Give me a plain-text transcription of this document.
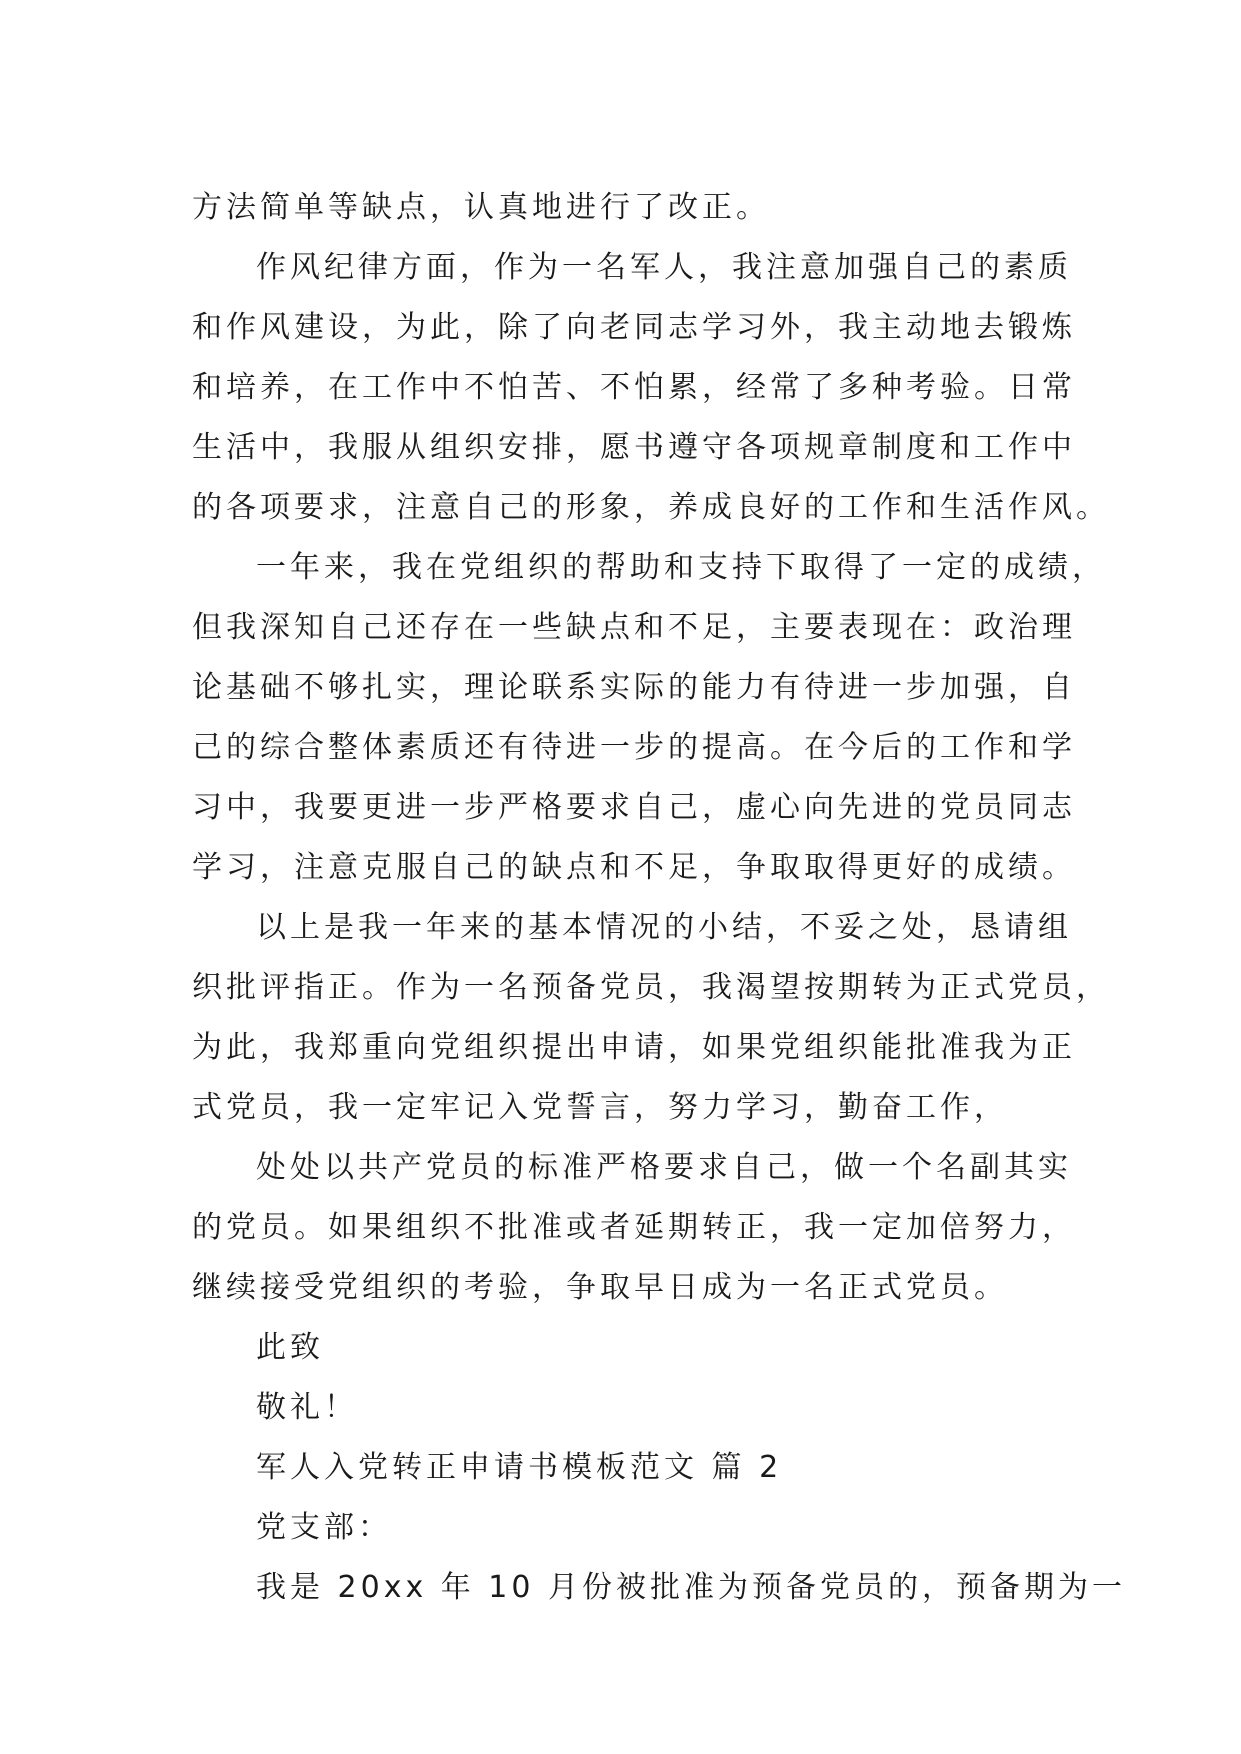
方法简单等缺点，认真地进行了改正。
作风纪律方面，作为一名军人，我注意加强自己的素质
和作风建设，为此，除了向老同志学习外，我主动地去锻炼
和培养，在工作中不怕苦、不怕累，经常了多种考验。日常
生活中，我服从组织安排，愿书遵守各项规章制度和工作中
的各项要求，注意自己的形象，养成良好的工作和生活作风。
一年来，我在党组织的帮助和支持下取得了一定的成绩，
但我深知自己还存在一些缺点和不足，主要表现在：政治理
论基础不够扎实，理论联系实际的能力有待进一步加强，自
己的综合整体素质还有待进一步的提高。在今后的工作和学
习中，我要更进一步严格要求自己，虚心向先进的党员同志
学习，注意克服自己的缺点和不足，争取取得更好的成绩。
以上是我一年来的基本情况的小结，不妥之处，恳请组
织批评指正。作为一名预备党员，我渴望按期转为正式党员，
为此，我郑重向党组织提出申请，如果党组织能批准我为正
式党员，我一定牢记入党誓言，努力学习，勤奋工作，
处处以共产党员的标准严格要求自己，做一个名副其实
的党员。如果组织不批准或者延期转正，我一定加倍努力，
继续接受党组织的考验，争取早日成为一名正式党员。
此致
敬礼！
军人入党转正申请书模板范文 篇 2
党支部：
我是 20xx 年 10 月份被批准为预备党员的，预备期为一
